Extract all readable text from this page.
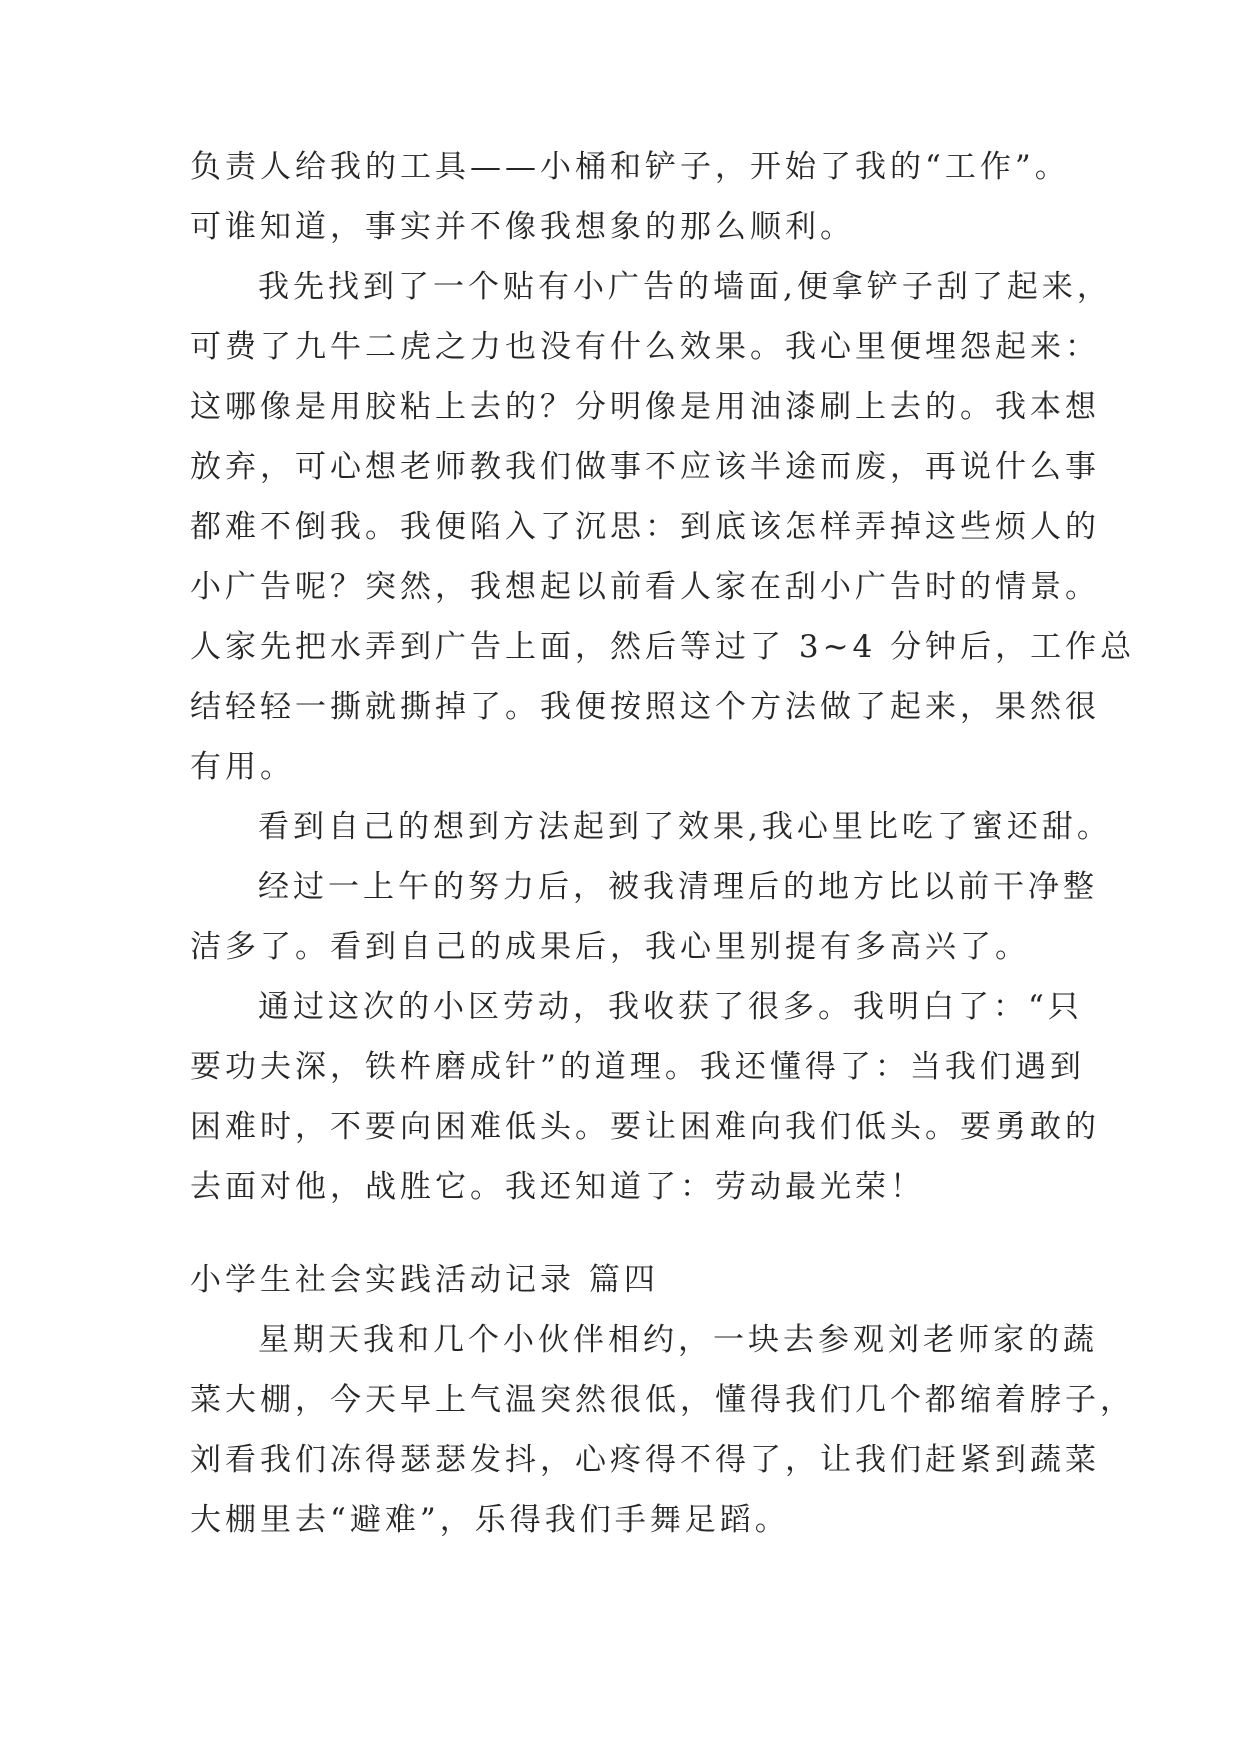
负责人给我的工具——小桶和铲子，开始了我的“工作”。
可谁知道，事实并不像我想象的那么顺利。
我先找到了一个贴有小广告的墙面,便拿铲子刮了起来，
可费了九牛二虎之力也没有什么效果。我心里便埋怨起来：
这哪像是用胶粘上去的？分明像是用油漆刷上去的。我本想
放弃，可心想老师教我们做事不应该半途而废，再说什么事
都难不倒我。我便陷入了沉思：到底该怎样弄掉这些烦人的
小广告呢？突然，我想起以前看人家在刮小广告时的情景。
人家先把水弄到广告上面，然后等过了 3~4 分钟后，工作总
结轻轻一撕就撕掉了。我便按照这个方法做了起来，果然很
有用。
看到自己的想到方法起到了效果,我心里比吃了蜜还甜。
经过一上午的努力后，被我清理后的地方比以前干净整
洁多了。看到自己的成果后，我心里别提有多高兴了。
通过这次的小区劳动，我收获了很多。我明白了：“只
要功夫深，铁杵磨成针”的道理。我还懂得了：当我们遇到
困难时，不要向困难低头。要让困难向我们低头。要勇敢的
去面对他，战胜它。我还知道了：劳动最光荣！
小学生社会实践活动记录 篇四
星期天我和几个小伙伴相约，一块去参观刘老师家的蔬
菜大棚，今天早上气温突然很低，懂得我们几个都缩着脖子，
刘看我们冻得瑟瑟发抖，心疼得不得了，让我们赶紧到蔬菜
大棚里去“避难”，乐得我们手舞足蹈。
